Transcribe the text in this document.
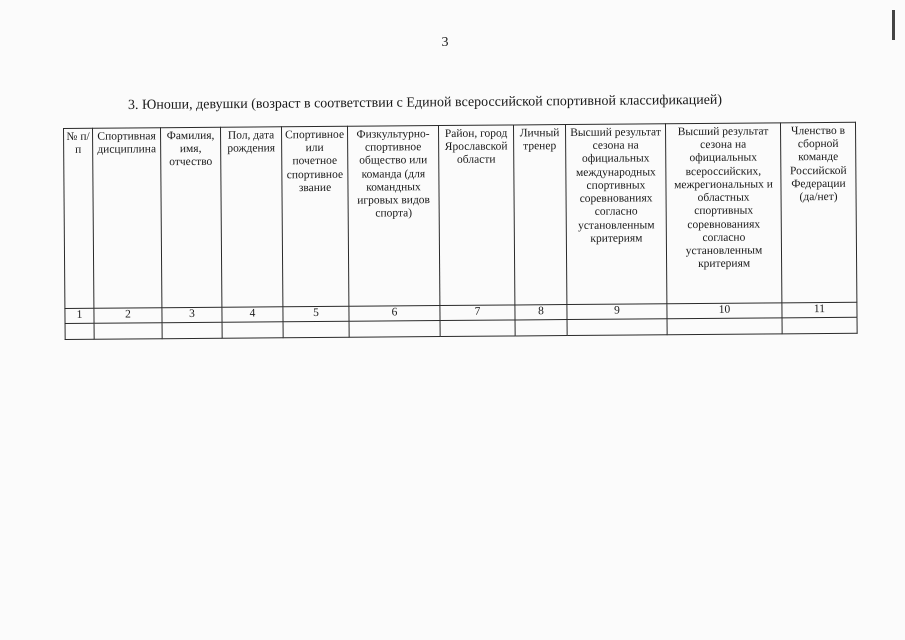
3
3. Юноши, девушки (возраст в соответствии с Единой всероссийской спортивной классификацией)
№ п/п	Спортивная дисциплина	Фамилия, имя, отчество	Пол, дата рождения	Спортивное или почетное спортивное звание	Физкультурно-спортивное общество или команда (для командных игровых видов спорта)	Район, город Ярославской области	Личный тренер	Высший результат сезона на официальных международных спортивных соревнованиях согласно установленным критериям	Высший результат сезона на официальных всероссийских, межрегиональных и областных спортивных соревнованиях согласно установленным критериям	Членство в сборной команде Российской Федерации (да/нет)
1	2	3	4	5	6	7	8	9	10	11
